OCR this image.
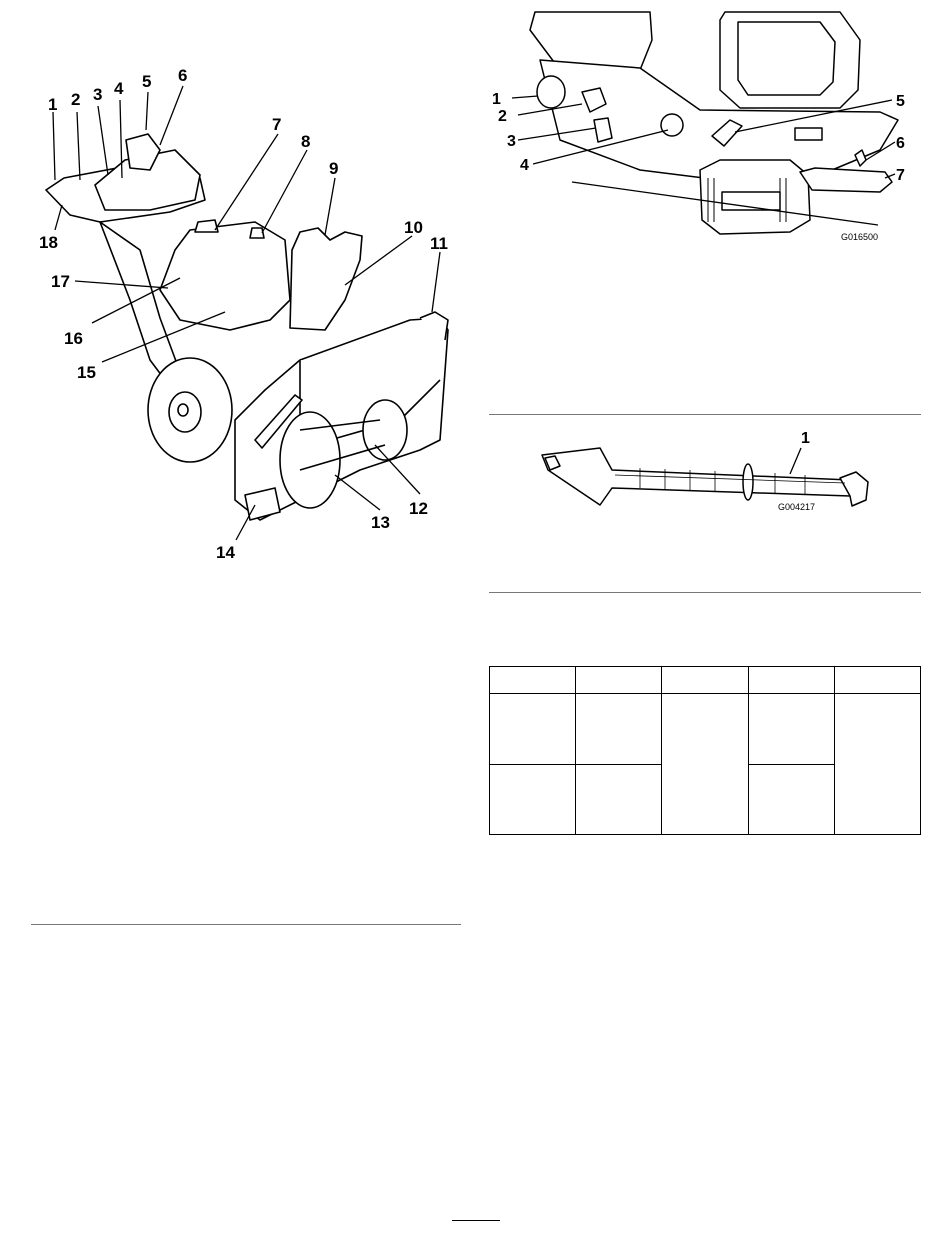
1 2 3 4 5 6
7
8
9
10
11
12
13
14
15
16
17
18
1
2
3
4
5
6
7
G016500
1
G004217
